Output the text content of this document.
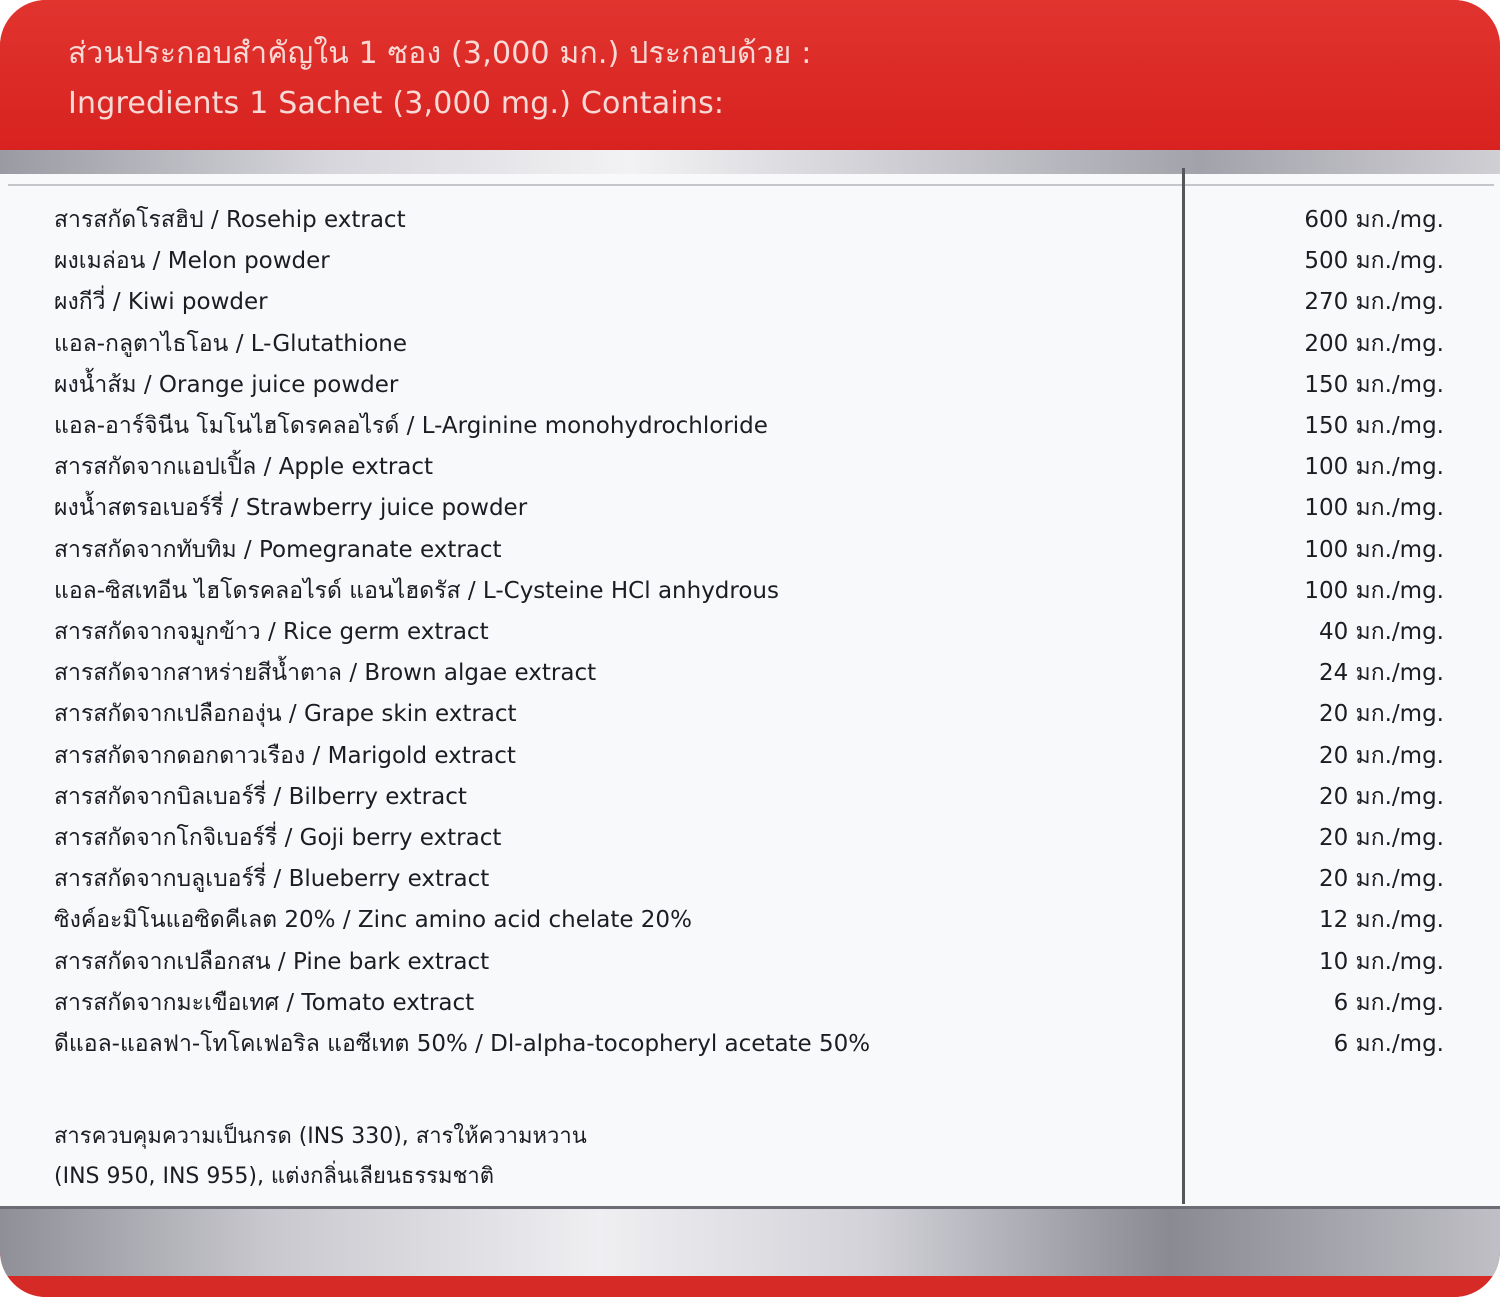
ส่วนประกอบสำคัญใน 1 ซอง (3,000 มก.) ประกอบด้วย :
Ingredients 1 Sachet (3,000 mg.) Contains:
สารสกัดโรสฮิป / Rosehip extract	600 มก./mg.
ผงเมล่อน / Melon powder	500 มก./mg.
ผงกีวี่ / Kiwi powder	270 มก./mg.
แอล-กลูตาไธโอน / L-Glutathione	200 มก./mg.
ผงน้ำส้ม / Orange juice powder	150 มก./mg.
แอล-อาร์จินีน โมโนไฮโดรคลอไรด์ / L-Arginine monohydrochloride	150 มก./mg.
สารสกัดจากแอปเปิ้ล / Apple extract	100 มก./mg.
ผงน้ำสตรอเบอร์รี่ / Strawberry juice powder	100 มก./mg.
สารสกัดจากทับทิม / Pomegranate extract	100 มก./mg.
แอล-ซิสเทอีน ไฮโดรคลอไรด์ แอนไฮดรัส / L-Cysteine HCl anhydrous	100 มก./mg.
สารสกัดจากจมูกข้าว / Rice germ extract	40 มก./mg.
สารสกัดจากสาหร่ายสีน้ำตาล / Brown algae extract	24 มก./mg.
สารสกัดจากเปลือกองุ่น / Grape skin extract	20 มก./mg.
สารสกัดจากดอกดาวเรือง / Marigold extract	20 มก./mg.
สารสกัดจากบิลเบอร์รี่ / Bilberry extract	20 มก./mg.
สารสกัดจากโกจิเบอร์รี่ / Goji berry extract	20 มก./mg.
สารสกัดจากบลูเบอร์รี่ / Blueberry extract	20 มก./mg.
ซิงค์อะมิโนแอซิดคีเลต 20% / Zinc amino acid chelate 20%	12 มก./mg.
สารสกัดจากเปลือกสน / Pine bark extract	10 มก./mg.
สารสกัดจากมะเขือเทศ / Tomato extract	6 มก./mg.
ดีแอล-แอลฟา-โทโคเฟอริล แอซีเทต 50% / Dl-alpha-tocopheryl acetate 50%	6 มก./mg.
สารควบคุมความเป็นกรด (INS 330), สารให้ความหวาน
(INS 950, INS 955), แต่งกลิ่นเลียนธรรมชาติ
